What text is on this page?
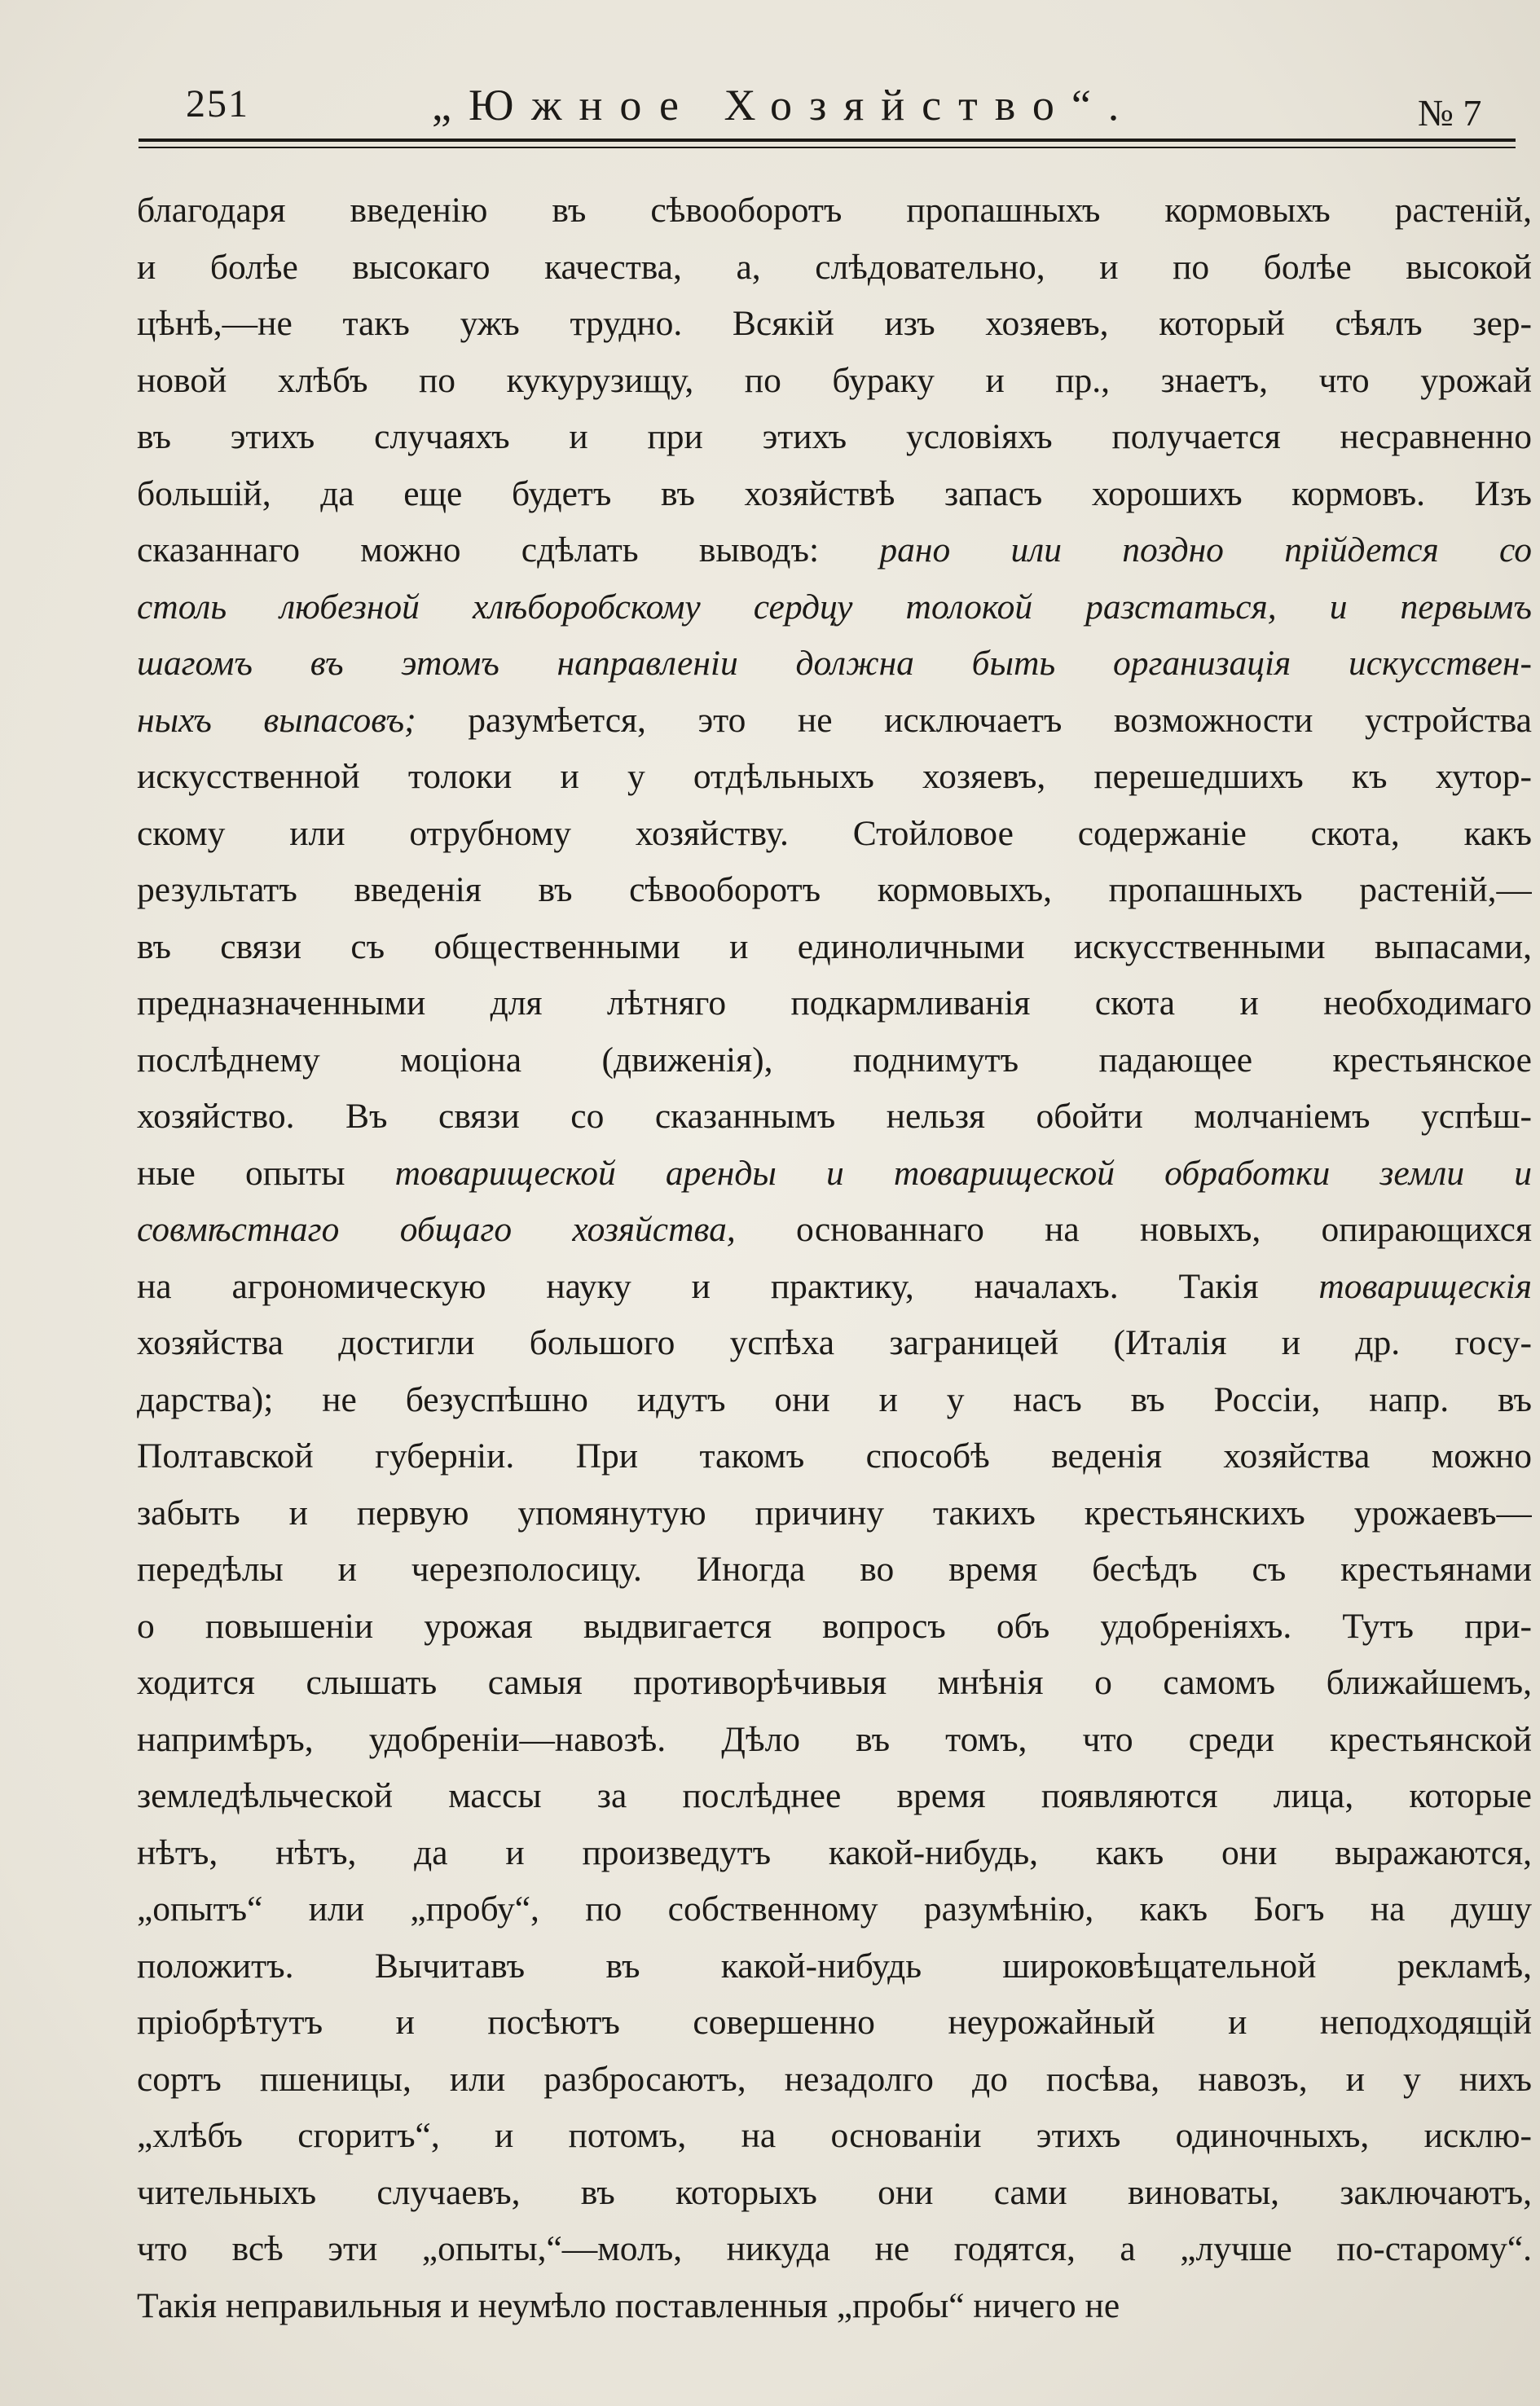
251	„Южное Хозяйство“.	№ 7
благодаря введенію въ сѣвооборотъ пропашныхъ кормовыхъ растеній,
и болѣе высокаго качества, а, слѣдовательно, и по болѣе высокой
цѣнѣ,—не такъ ужъ трудно. Всякій изъ хозяевъ, который сѣялъ зер-
новой хлѣбъ по кукурузищу, по бураку и пр., знаетъ, что урожай
въ этихъ случаяхъ и при этихъ условіяхъ получается несравненно
большій, да еще будетъ въ хозяйствѣ запасъ хорошихъ кормовъ. Изъ
сказаннаго можно сдѣлать выводъ: рано или поздно прійдется со
столь любезной хлѣборобскому сердцу толокой разстаться, и первымъ
шагомъ въ этомъ направленіи должна быть организація искусствен-
ныхъ выпасовъ; разумѣется, это не исключаетъ возможности устройства
искусственной толоки и у отдѣльныхъ хозяевъ, перешедшихъ къ хутор-
скому или отрубному хозяйству. Стойловое содержаніе скота, какъ
результатъ введенія въ сѣвооборотъ кормовыхъ, пропашныхъ растеній,—
въ связи съ общественными и единоличными искусственными выпасами,
предназначенными для лѣтняго подкармливанія скота и необходимаго
послѣднему моціона (движенія), поднимутъ падающее крестьянское
хозяйство. Въ связи со сказаннымъ нельзя обойти молчаніемъ успѣш-
ные опыты товарищеской аренды и товарищеской обработки земли и
совмѣстнаго общаго хозяйства, основаннаго на новыхъ, опирающихся
на агрономическую науку и практику, началахъ. Такія товарищескія
хозяйства достигли большого успѣха заграницей (Италія и др. госу-
дарства); не безуспѣшно идутъ они и у насъ въ Россіи, напр. въ
Полтавской губерніи. При такомъ способѣ веденія хозяйства можно
забыть и первую упомянутую причину такихъ крестьянскихъ урожаевъ—
передѣлы и черезполосицу. Иногда во время бесѣдъ съ крестьянами
о повышеніи урожая выдвигается вопросъ объ удобреніяхъ. Тутъ при-
ходится слышать самыя противорѣчивыя мнѣнія о самомъ ближайшемъ,
напримѣръ, удобреніи—навозѣ. Дѣло въ томъ, что среди крестьянской
земледѣльческой массы за послѣднее время появляются лица, которые
нѣтъ, нѣтъ, да и произведутъ какой-нибудь, какъ они выражаются,
„опытъ“ или „пробу“, по собственному разумѣнію, какъ Богъ на душу
положитъ. Вычитавъ въ какой-нибудь широковѣщательной рекламѣ,
пріобрѣтутъ и посѣютъ совершенно неурожайный и неподходящій
сортъ пшеницы, или разбросаютъ, незадолго до посѣва, навозъ, и у нихъ
„хлѣбъ сгоритъ“, и потомъ, на основаніи этихъ одиночныхъ, исклю-
чительныхъ случаевъ, въ которыхъ они сами виноваты, заключаютъ,
что всѣ эти „опыты,“—молъ, никуда не годятся, а „лучше по-старому“.
Такія неправильныя и неумѣло поставленныя „пробы“ ничего не
